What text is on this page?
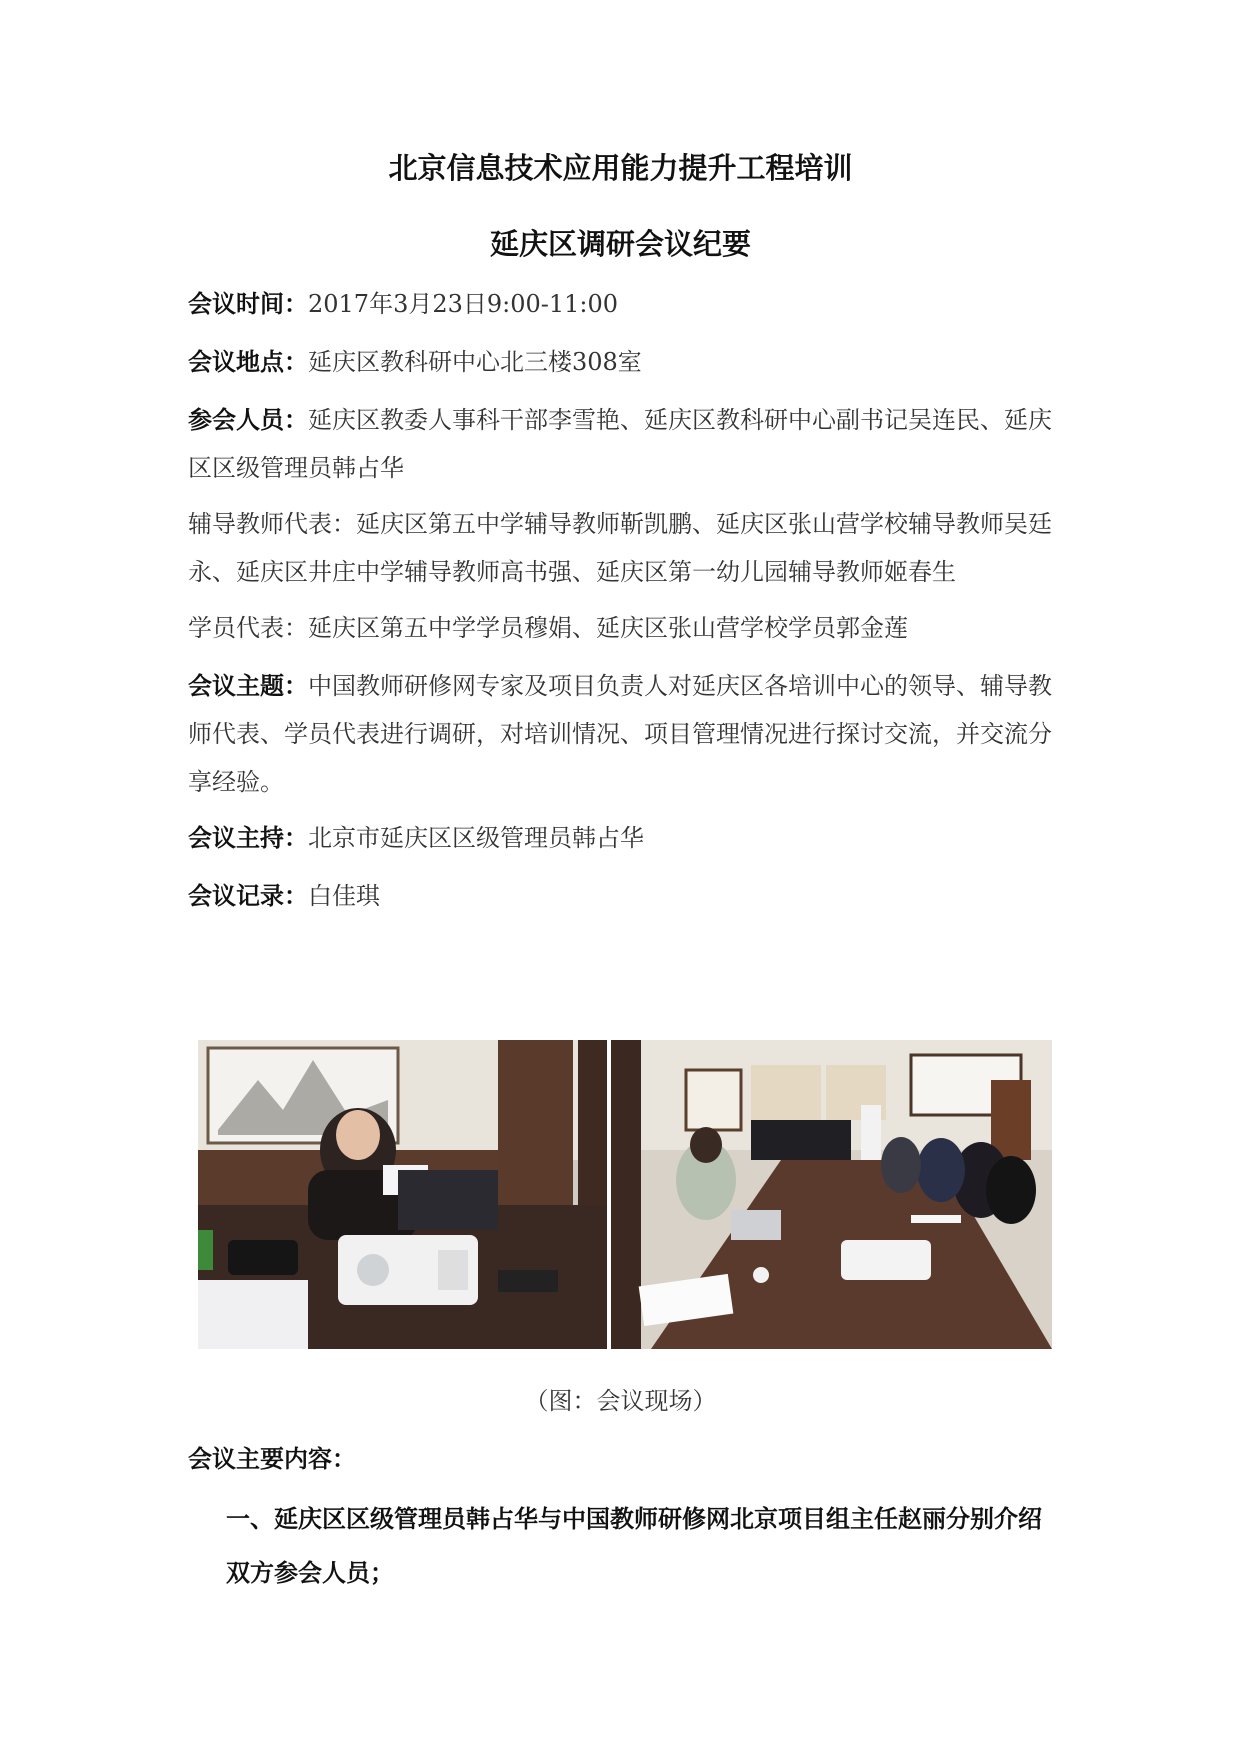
北京信息技术应用能力提升工程培训
延庆区调研会议纪要
会议时间：2017年3月23日9:00-11:00
会议地点：延庆区教科研中心北三楼308室
参会人员：延庆区教委人事科干部李雪艳、延庆区教科研中心副书记吴连民、延庆区区级管理员韩占华
辅导教师代表：延庆区第五中学辅导教师靳凯鹏、延庆区张山营学校辅导教师吴廷永、延庆区井庄中学辅导教师高书强、延庆区第一幼儿园辅导教师姬春生
学员代表：延庆区第五中学学员穆娟、延庆区张山营学校学员郭金莲
会议主题：中国教师研修网专家及项目负责人对延庆区各培训中心的领导、辅导教师代表、学员代表进行调研，对培训情况、项目管理情况进行探讨交流，并交流分享经验。
会议主持：北京市延庆区区级管理员韩占华
会议记录：白佳琪
（图：会议现场）
会议主要内容：
一、延庆区区级管理员韩占华与中国教师研修网北京项目组主任赵丽分别介绍双方参会人员；
